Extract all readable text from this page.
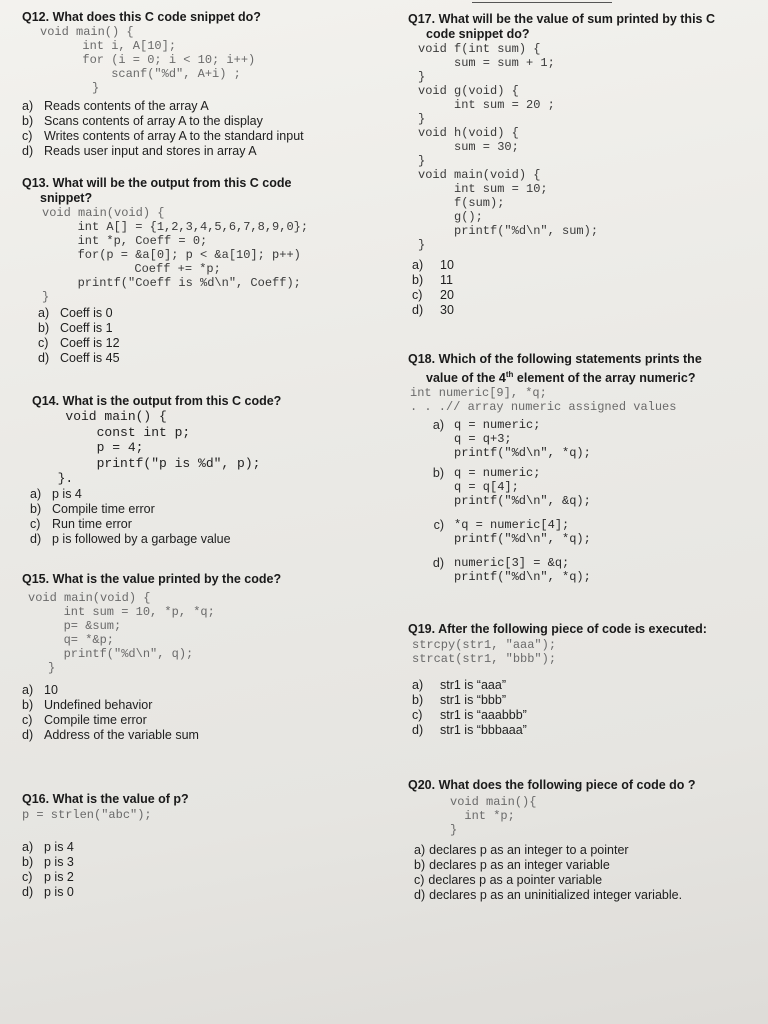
Q12. What does this C code snippet do?
void main() {
int i, A[10];
for (i = 0; i < 10; i++)
scanf("%d", A+i) ;
}
a) Reads contents of the array A
b) Scans contents of array A to the display
c) Writes contents of array A to the standard input
d) Reads user input and stores in array A
Q13. What will be the output from this C code
snippet?
void main(void) {
int A[] = {1,2,3,4,5,6,7,8,9,0};
int *p, Coeff = 0;
for(p = &a[0]; p < &a[10]; p++)
Coeff += *p;
printf("Coeff is %d\n", Coeff);
}
a) Coeff is 0
b) Coeff is 1
c) Coeff is 12
d) Coeff is 45
Q14. What is the output from this C code?
void main() {
const int p;
p = 4;
printf("p is %d", p);
}.
a) p is 4
b) Compile time error
c) Run time error
d) p is followed by a garbage value
Q15. What is the value printed by the code?
void main(void) {
int sum = 10, *p, *q;
p= &sum;
q= *&p;
printf("%d\n", q);
}
a) 10
b) Undefined behavior
c) Compile time error
d) Address of the variable sum
Q16. What is the value of p?
p = strlen("abc");
a) p is 4
b) p is 3
c) p is 2
d) p is 0
Q17. What will be the value of sum printed by this C
code snippet do?
void f(int sum) {
sum = sum + 1;
}
void g(void) {
int sum = 20 ;
}
void h(void) {
sum = 30;
}
void main(void) {
int sum = 10;
f(sum);
g();
printf("%d\n", sum);
}
a)	10
b)	11
c)	20
d)	30
Q18. Which of the following statements prints the
value of the 4th element of the array numeric?
int numeric[9], *q;
. . .// array numeric assigned values
a) q = numeric;
q = q+3;
printf("%d\n", *q);
b) q = numeric;
q = q[4];
printf("%d\n", &q);
c) *q = numeric[4];
printf("%d\n", *q);
d) numeric[3] = &q;
printf("%d\n", *q);
Q19. After the following piece of code is executed:
strcpy(str1, "aaa");
strcat(str1, "bbb");
a)	str1 is “aaa”
b)	str1 is “bbb”
c)	str1 is “aaabbb”
d)	str1 is “bbbaaa”
Q20. What does the following piece of code do ?
void main(){
int *p;
}
a) declares p as an integer to a pointer
b) declares p as an integer variable
c) declares p as a pointer variable
d) declares p as an uninitialized integer variable.
